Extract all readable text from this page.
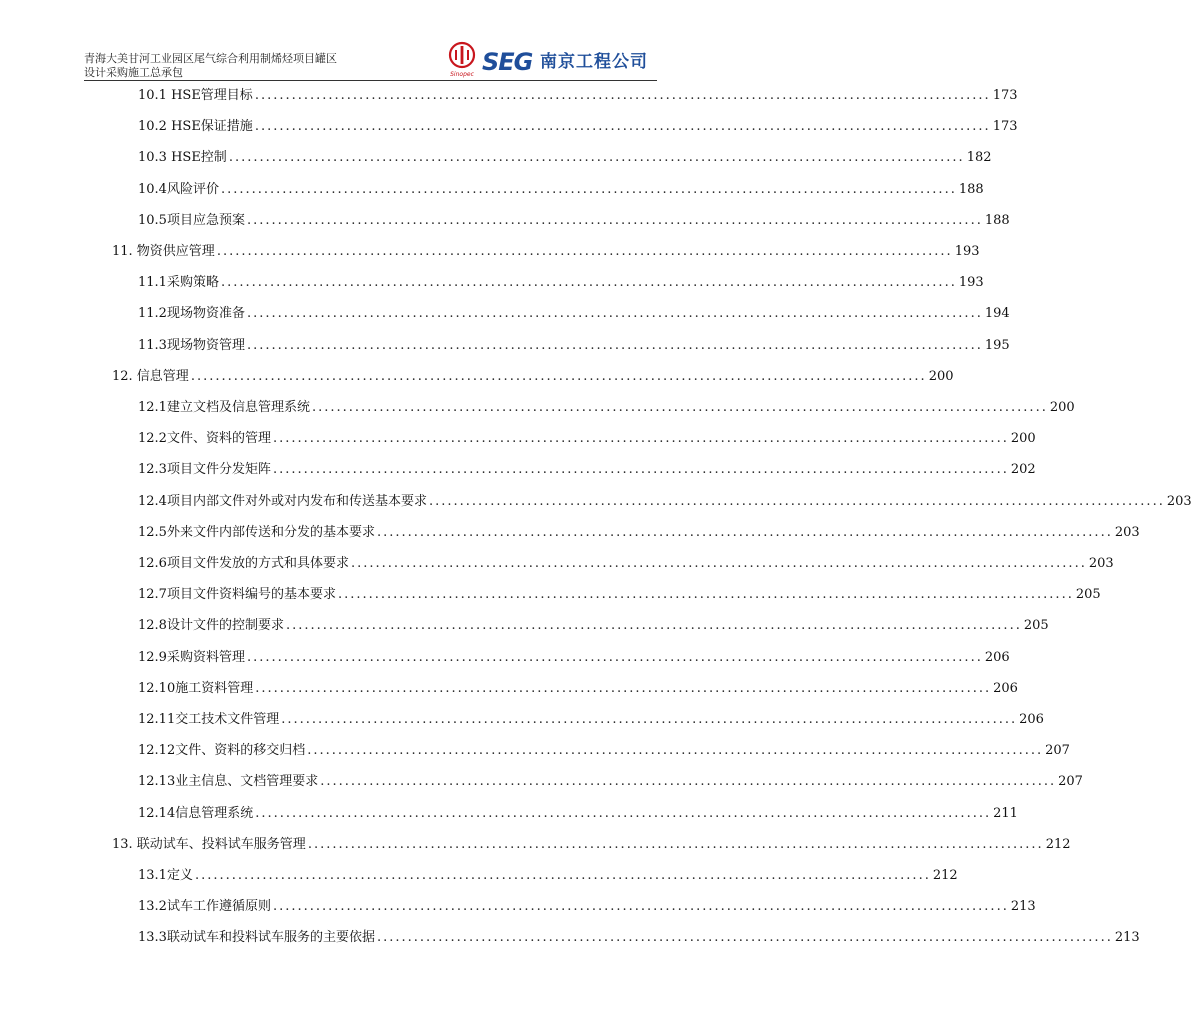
青海大美甘河工业园区尾气综合利用制烯烃项目罐区
设计采购施工总承包	Sinopec SEG 南京工程公司
10.1 HSE管理目标 ........................................................................................................................ 173
10.2 HSE保证措施 ........................................................................................................................ 173
10.3 HSE控制 ........................................................................................................................ 182
10.4风险评价 ........................................................................................................................ 188
10.5项目应急预案 ........................................................................................................................ 188
11. 物资供应管理 ........................................................................................................................ 193
11.1采购策略 ........................................................................................................................ 193
11.2现场物资准备 ........................................................................................................................ 194
11.3现场物资管理 ........................................................................................................................ 195
12. 信息管理 ........................................................................................................................ 200
12.1建立文档及信息管理系统 ........................................................................................................................ 200
12.2文件、资料的管理 ........................................................................................................................ 200
12.3项目文件分发矩阵 ........................................................................................................................ 202
12.4项目内部文件对外或对内发布和传送基本要求 ........................................................................................................................ 203
12.5外来文件内部传送和分发的基本要求 ........................................................................................................................ 203
12.6项目文件发放的方式和具体要求 ........................................................................................................................ 203
12.7项目文件资料编号的基本要求 ........................................................................................................................ 205
12.8设计文件的控制要求 ........................................................................................................................ 205
12.9采购资料管理 ........................................................................................................................ 206
12.10施工资料管理 ........................................................................................................................ 206
12.11交工技术文件管理 ........................................................................................................................ 206
12.12文件、资料的移交归档 ........................................................................................................................ 207
12.13业主信息、文档管理要求 ........................................................................................................................ 207
12.14信息管理系统 ........................................................................................................................ 211
13. 联动试车、投料试车服务管理 ........................................................................................................................ 212
13.1定义 ........................................................................................................................ 212
13.2试车工作遵循原则 ........................................................................................................................ 213
13.3联动试车和投料试车服务的主要依据 ........................................................................................................................ 213
